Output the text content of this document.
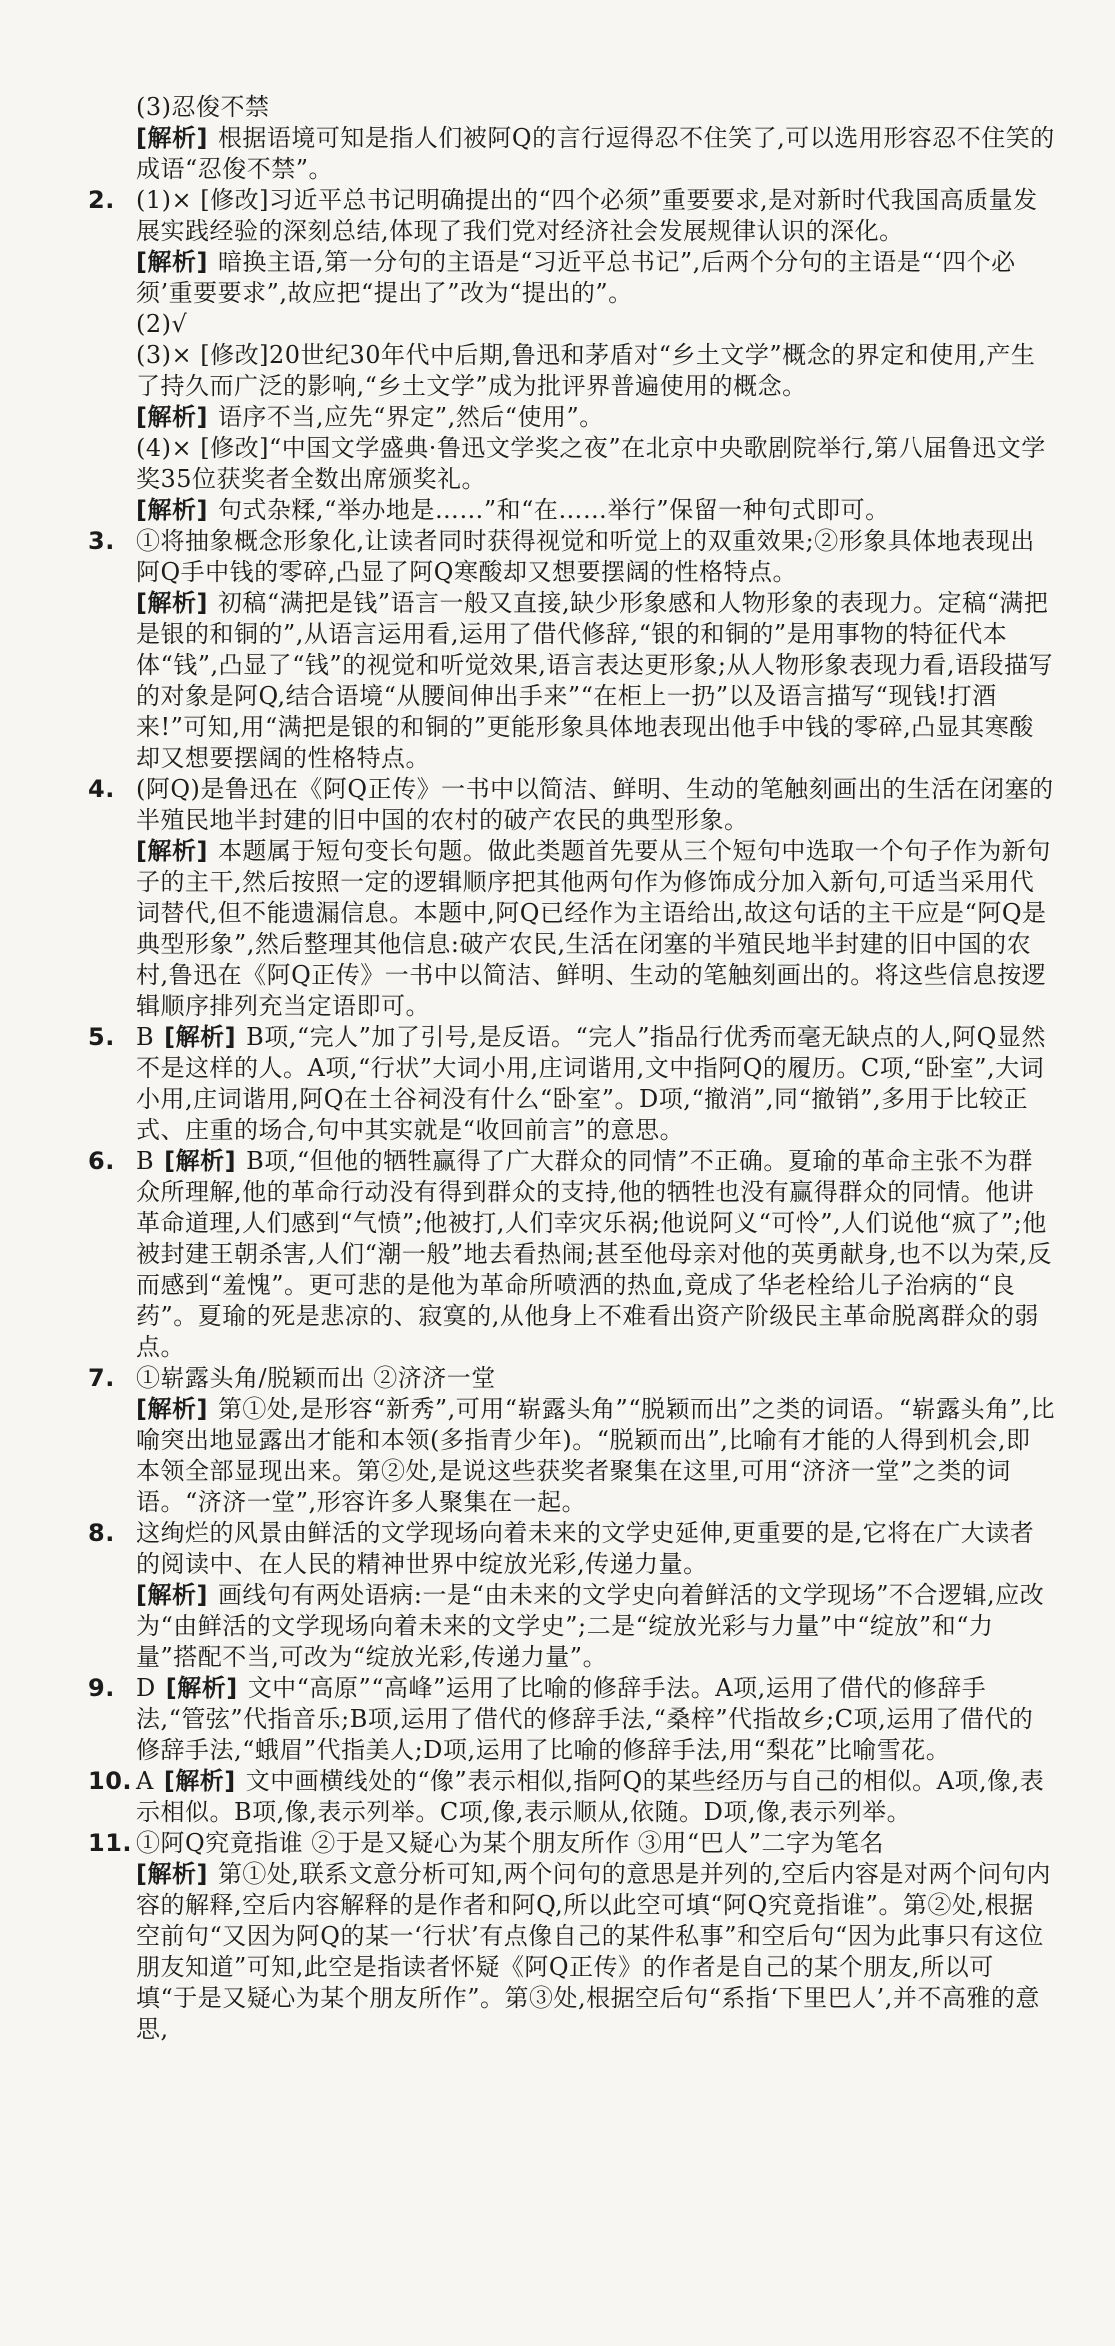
(3)忍俊不禁

[解析] 根据语境可知是指人们被阿Q的言行逗得忍不住笑了,可以选用形容忍不住笑的成语“忍俊不禁”。

2. (1)× [修改]习近平总书记明确提出的“四个必须”重要要求,是对新时代我国高质量发展实践经验的深刻总结,体现了我们党对经济社会发展规律认识的深化。

[解析] 暗换主语,第一分句的主语是“习近平总书记”,后两个分句的主语是“‘四个必须’重要要求”,故应把“提出了”改为“提出的”。

(2)√

(3)× [修改]20世纪30年代中后期,鲁迅和茅盾对“乡土文学”概念的界定和使用,产生了持久而广泛的影响,“乡土文学”成为批评界普遍使用的概念。

[解析] 语序不当,应先“界定”,然后“使用”。

(4)× [修改]“中国文学盛典·鲁迅文学奖之夜”在北京中央歌剧院举行,第八届鲁迅文学奖35位获奖者全数出席颁奖礼。

[解析] 句式杂糅,“举办地是……”和“在……举行”保留一种句式即可。

3. ①将抽象概念形象化,让读者同时获得视觉和听觉上的双重效果;②形象具体地表现出阿Q手中钱的零碎,凸显了阿Q寒酸却又想要摆阔的性格特点。

[解析] 初稿“满把是钱”语言一般又直接,缺少形象感和人物形象的表现力。定稿“满把是银的和铜的”,从语言运用看,运用了借代修辞,“银的和铜的”是用事物的特征代本体“钱”,凸显了“钱”的视觉和听觉效果,语言表达更形象;从人物形象表现力看,语段描写的对象是阿Q,结合语境“从腰间伸出手来”“在柜上一扔”以及语言描写“现钱!打酒来!”可知,用“满把是银的和铜的”更能形象具体地表现出他手中钱的零碎,凸显其寒酸却又想要摆阔的性格特点。

4. (阿Q)是鲁迅在《阿Q正传》一书中以简洁、鲜明、生动的笔触刻画出的生活在闭塞的半殖民地半封建的旧中国的农村的破产农民的典型形象。

[解析] 本题属于短句变长句题。做此类题首先要从三个短句中选取一个句子作为新句子的主干,然后按照一定的逻辑顺序把其他两句作为修饰成分加入新句,可适当采用代词替代,但不能遗漏信息。本题中,阿Q已经作为主语给出,故这句话的主干应是“阿Q是典型形象”,然后整理其他信息:破产农民,生活在闭塞的半殖民地半封建的旧中国的农村,鲁迅在《阿Q正传》一书中以简洁、鲜明、生动的笔触刻画出的。将这些信息按逻辑顺序排列充当定语即可。

5. B [解析] B项,“完人”加了引号,是反语。“完人”指品行优秀而毫无缺点的人,阿Q显然不是这样的人。A项,“行状”大词小用,庄词谐用,文中指阿Q的履历。C项,“卧室”,大词小用,庄词谐用,阿Q在土谷祠没有什么“卧室”。D项,“撤消”,同“撤销”,多用于比较正式、庄重的场合,句中其实就是“收回前言”的意思。

6. B [解析] B项,“但他的牺牲赢得了广大群众的同情”不正确。夏瑜的革命主张不为群众所理解,他的革命行动没有得到群众的支持,他的牺牲也没有赢得群众的同情。他讲革命道理,人们感到“气愤”;他被打,人们幸灾乐祸;他说阿义“可怜”,人们说他“疯了”;他被封建王朝杀害,人们“潮一般”地去看热闹;甚至他母亲对他的英勇献身,也不以为荣,反而感到“羞愧”。更可悲的是他为革命所喷洒的热血,竟成了华老栓给儿子治病的“良药”。夏瑜的死是悲凉的、寂寞的,从他身上不难看出资产阶级民主革命脱离群众的弱点。

7. ①崭露头角/脱颖而出 ②济济一堂

[解析] 第①处,是形容“新秀”,可用“崭露头角”“脱颖而出”之类的词语。“崭露头角”,比喻突出地显露出才能和本领(多指青少年)。“脱颖而出”,比喻有才能的人得到机会,即本领全部显现出来。第②处,是说这些获奖者聚集在这里,可用“济济一堂”之类的词语。“济济一堂”,形容许多人聚集在一起。

8. 这绚烂的风景由鲜活的文学现场向着未来的文学史延伸,更重要的是,它将在广大读者的阅读中、在人民的精神世界中绽放光彩,传递力量。

[解析] 画线句有两处语病:一是“由未来的文学史向着鲜活的文学现场”不合逻辑,应改为“由鲜活的文学现场向着未来的文学史”;二是“绽放光彩与力量”中“绽放”和“力量”搭配不当,可改为“绽放光彩,传递力量”。

9. D [解析] 文中“高原”“高峰”运用了比喻的修辞手法。A项,运用了借代的修辞手法,“管弦”代指音乐;B项,运用了借代的修辞手法,“桑梓”代指故乡;C项,运用了借代的修辞手法,“蛾眉”代指美人;D项,运用了比喻的修辞手法,用“梨花”比喻雪花。

10. A [解析] 文中画横线处的“像”表示相似,指阿Q的某些经历与自己的相似。A项,像,表示相似。B项,像,表示列举。C项,像,表示顺从,依随。D项,像,表示列举。

11. ①阿Q究竟指谁 ②于是又疑心为某个朋友所作 ③用“巴人”二字为笔名

[解析] 第①处,联系文意分析可知,两个问句的意思是并列的,空后内容是对两个问句内容的解释,空后内容解释的是作者和阿Q,所以此空可填“阿Q究竟指谁”。第②处,根据空前句“又因为阿Q的某一‘行状’有点像自己的某件私事”和空后句“因为此事只有这位朋友知道”可知,此空是指读者怀疑《阿Q正传》的作者是自己的某个朋友,所以可填“于是又疑心为某个朋友所作”。第③处,根据空后句“系指‘下里巴人’,并不高雅的意思,
